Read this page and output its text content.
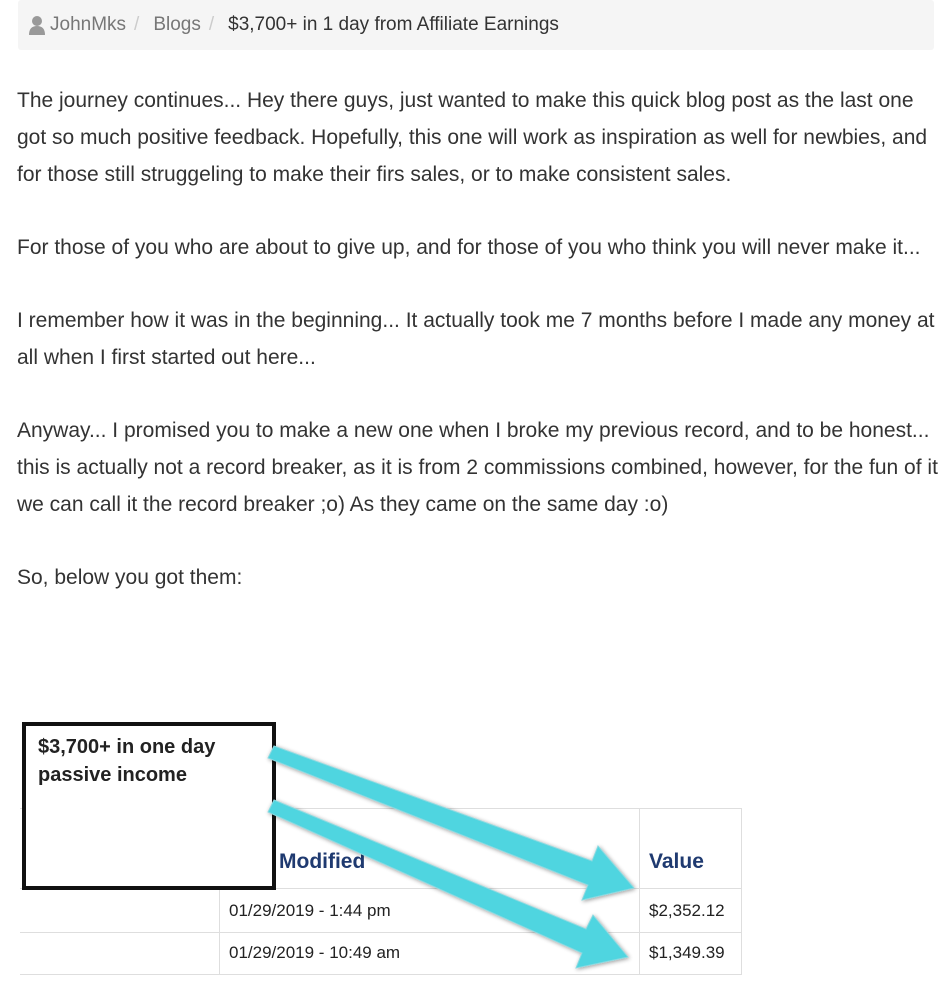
JohnMks / Blogs / $3,700+ in 1 day from Affiliate Earnings

The journey continues... Hey there guys, just wanted to make this quick blog post as the last one got so much positive feedback. Hopefully, this one will work as inspiration as well for newbies, and for those still struggeling to make their firs sales, or to make consistent sales.

For those of you who are about to give up, and for those of you who think you will never make it...

I remember how it was in the beginning... It actually took me 7 months before I made any money at all when I first started out here...

Anyway... I promised you to make a new one when I broke my previous record, and to be honest... this is actually not a record breaker, as it is from 2 commissions combined, however, for the fun of it we can call it the record breaker ;o) As they came on the same day :o)

So, below you got them:

Modified	Value
01/29/2019 - 1:44 pm	$2,352.12
01/29/2019 - 10:49 am	$1,349.39
$3,700+ in one day
passive income
